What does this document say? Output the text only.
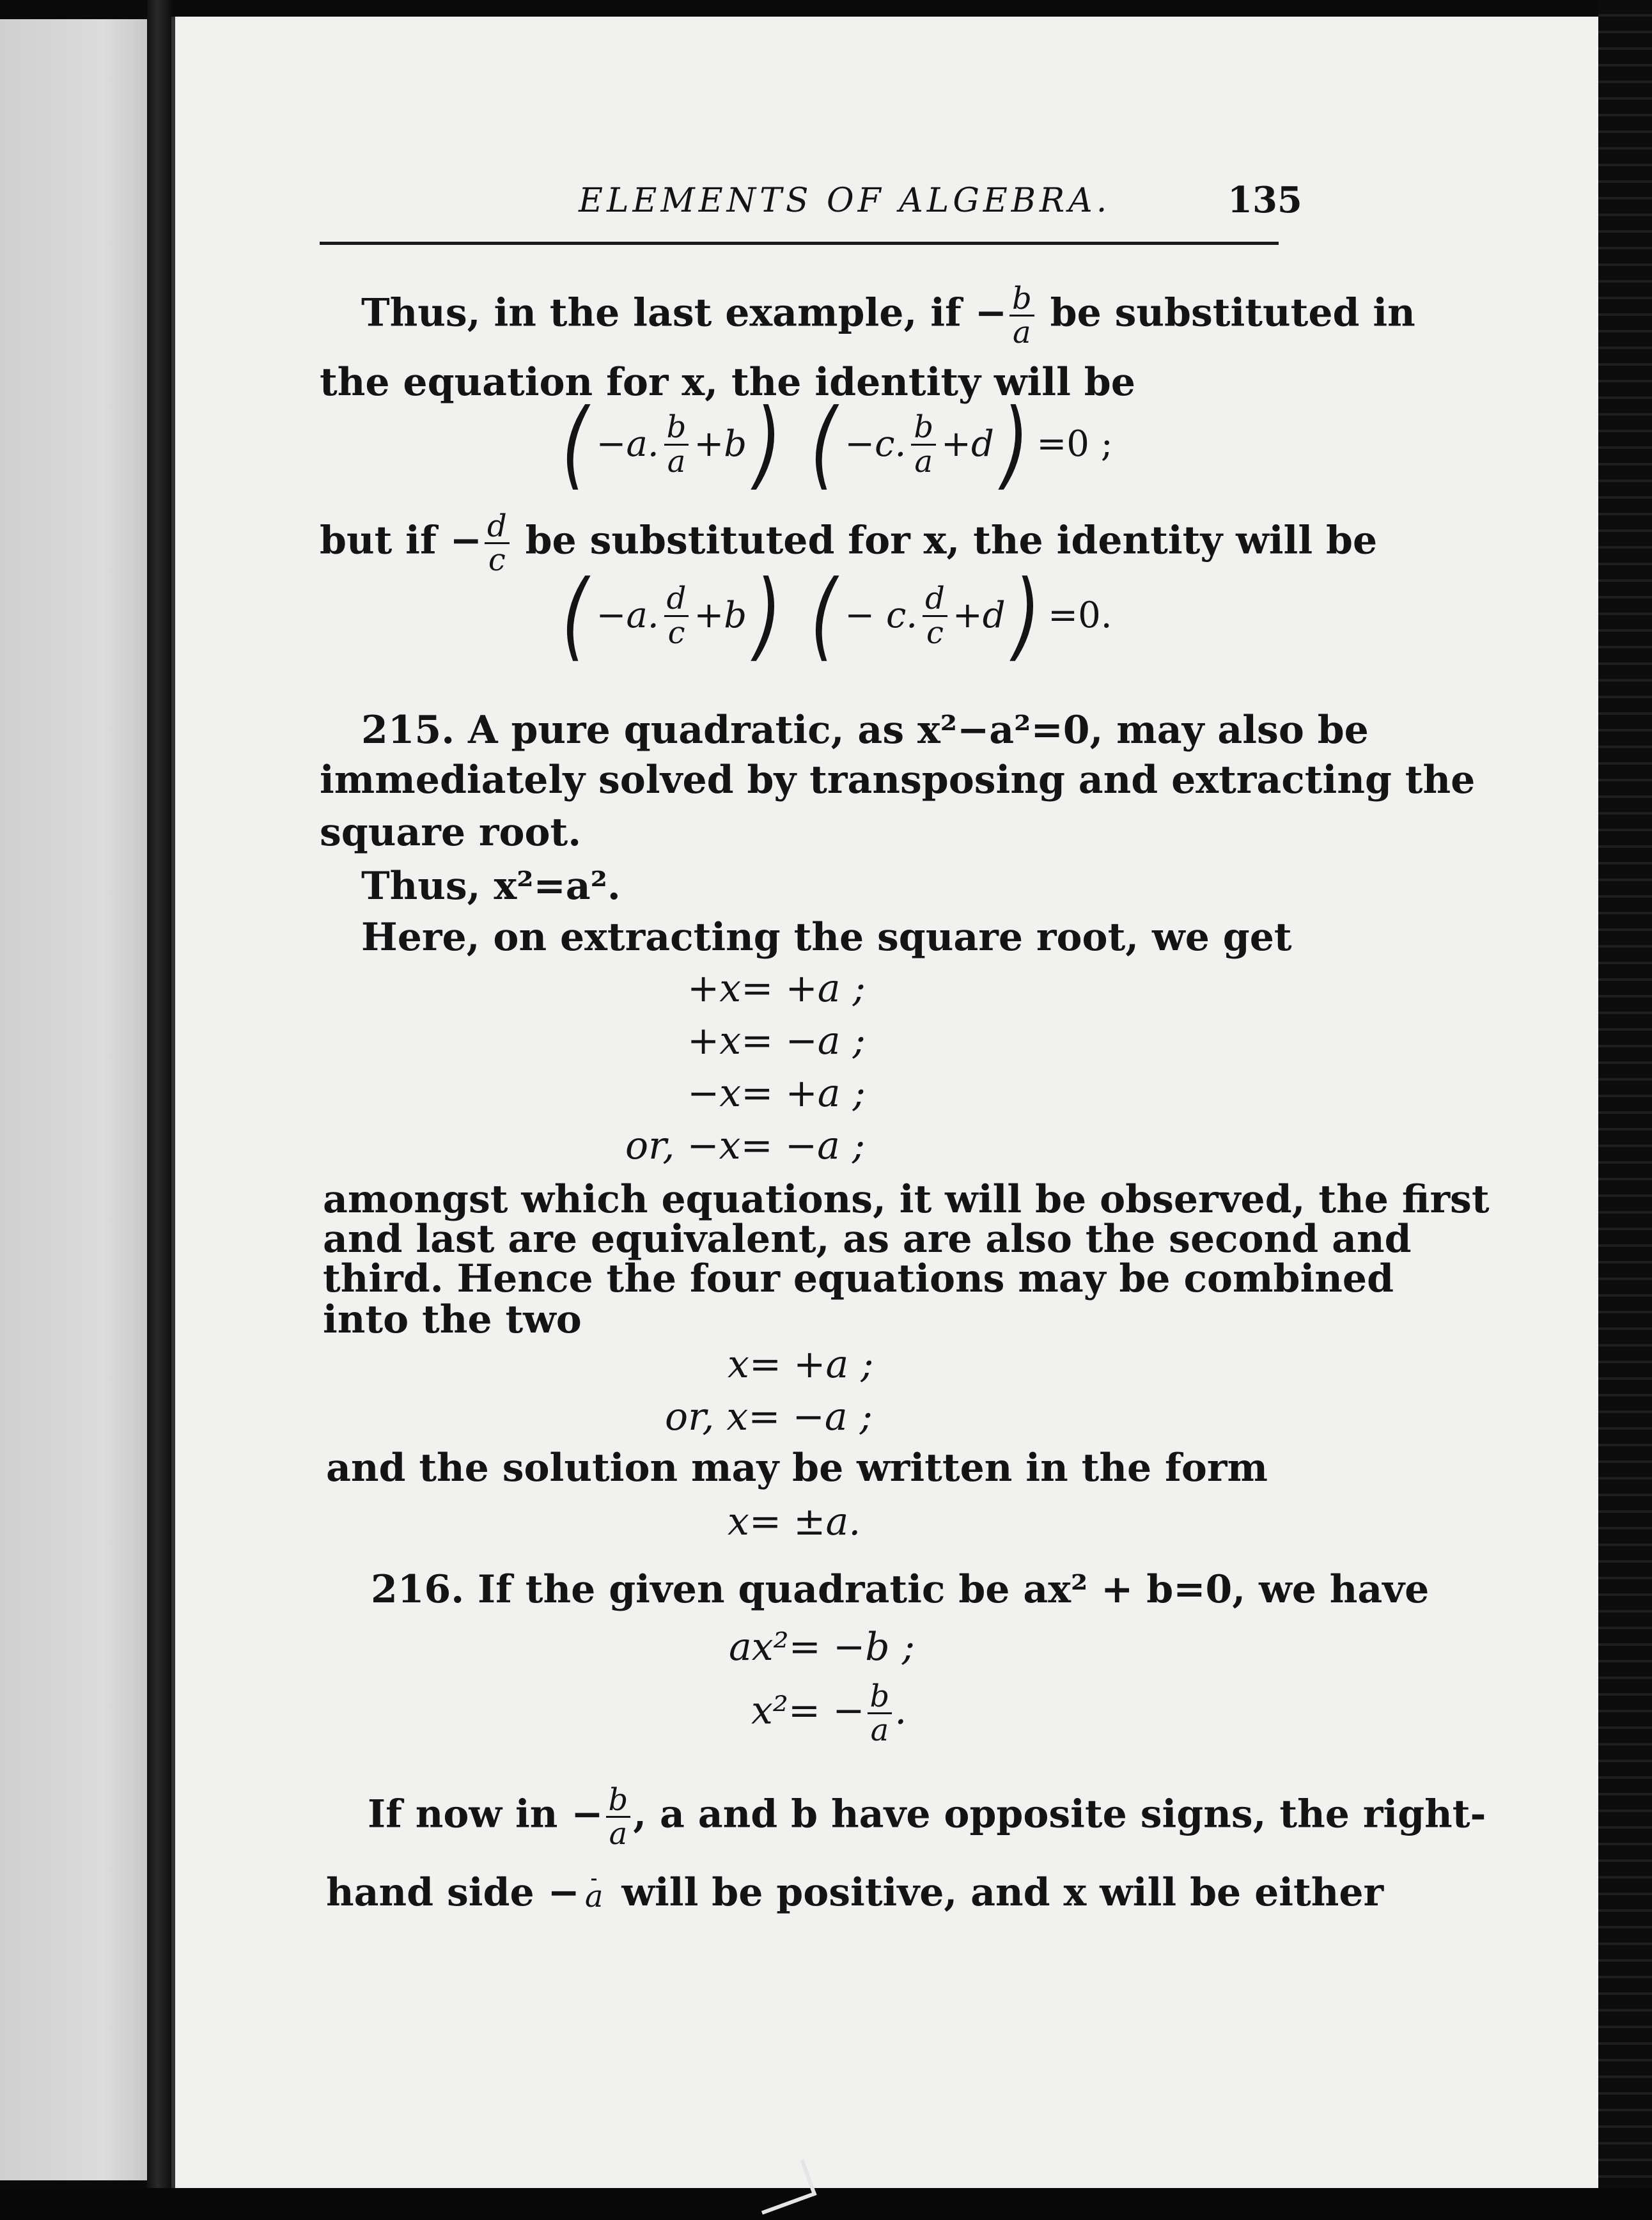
ELEMENTS OF ALGEBRA.	135
Thus, in the last example, if − $\frac{b}{a}$ be substituted in
the equation for x, the identity will be
( −a. $\frac{b}{a} +b$ ) ( −c. $\frac{b}{a} +d$ ) =0 ;
but if − $\frac{d}{c}$ be substituted for x, the identity will be
( −a. $\frac{d}{c} +b$ ) ( − c. $\frac{d}{c} +d$ ) =0.
215. A pure quadratic, as x²−a²=0, may also be
immediately solved by transposing and extracting the
square root.
Thus, x²=a².
Here, on extracting the square root, we get
+x= +a ;
+x= −a ;
−x= +a ;
or, −x= −a ;
amongst which equations, it will be observed, the first
and last are equivalent, as are also the second and
third. Hence the four equations may be combined
into the two
x= +a ;
or, x= −a ;
and the solution may be written in the form
x= ±a.
216. If the given quadratic be ax² + b=0, we have
ax²= −b ;
$x^2= - \frac{b}{a}$ .
If now in − $\frac{b}{a}$ , a and b have opposite signs, the right-
hand side − a will be positive, and x will be either
